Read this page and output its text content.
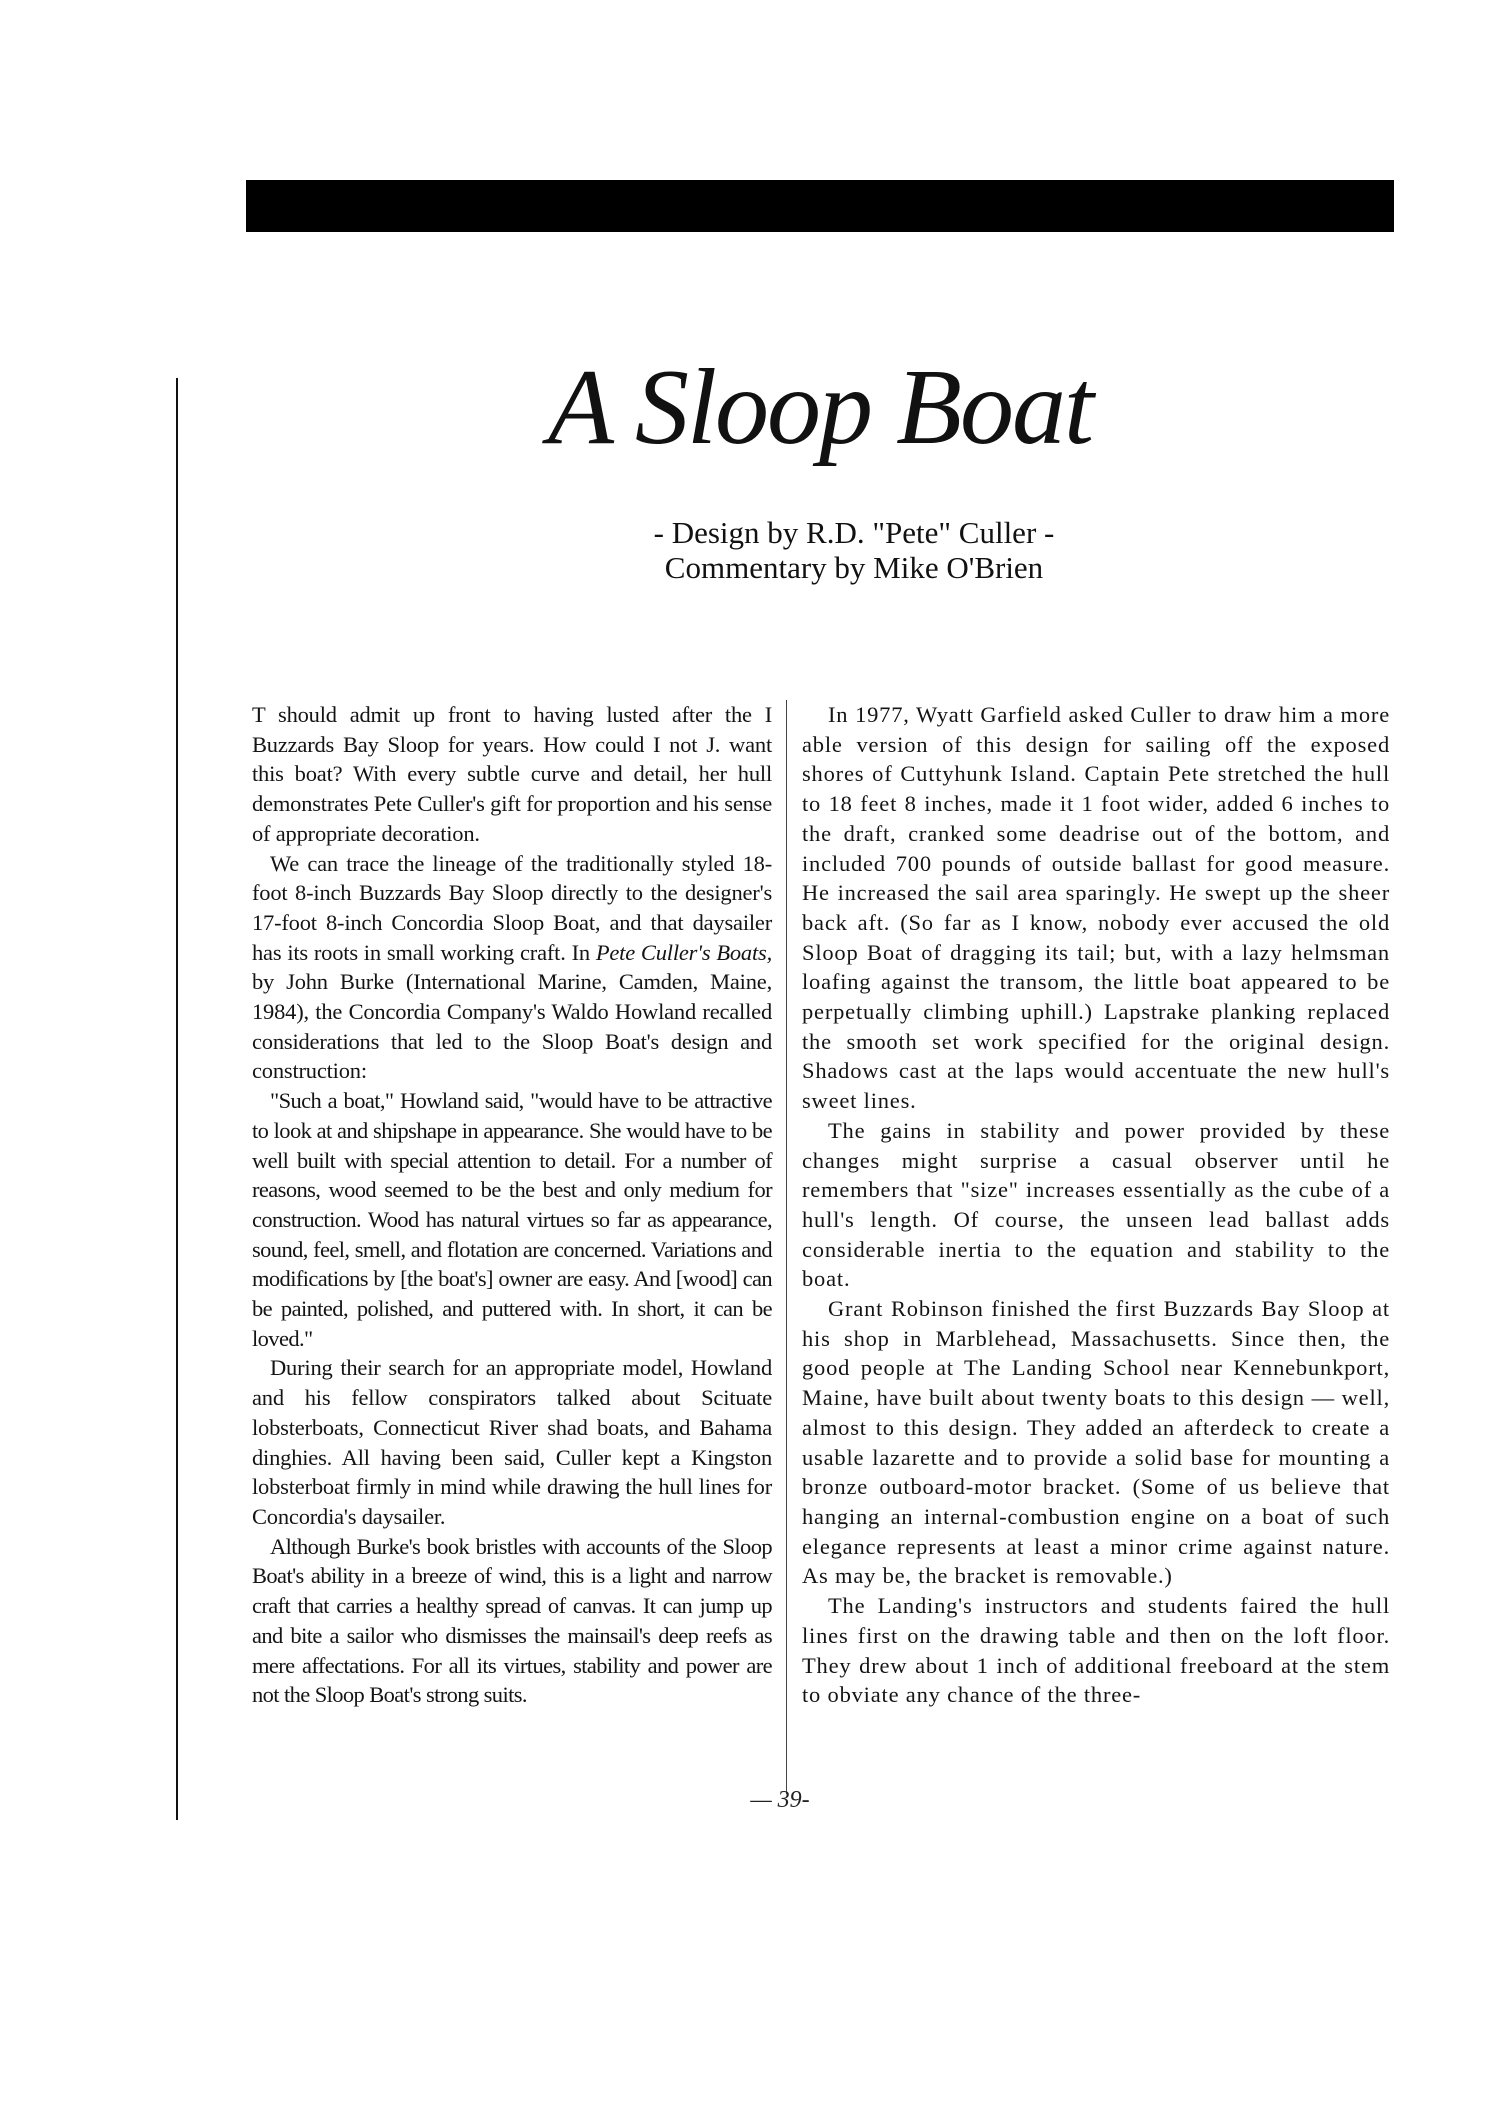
XIII
A Sloop Boat
- Design by R.D. "Pete" Culler -
Commentary by Mike O'Brien

T should admit up front to having lusted after the I Buzzards Bay Sloop for years. How could I not J. want this boat? With every subtle curve and detail, her hull demonstrates Pete Culler's gift for proportion and his sense of appropriate decoration.

We can trace the lineage of the traditionally styled 18-foot 8-inch Buzzards Bay Sloop directly to the designer's 17-foot 8-inch Concordia Sloop Boat, and that daysailer has its roots in small working craft. In Pete Culler's Boats, by John Burke (International Marine, Camden, Maine, 1984), the Concordia Company's Waldo Howland recalled considerations that led to the Sloop Boat's design and construction:

"Such a boat," Howland said, "would have to be attractive to look at and shipshape in appearance. She would have to be well built with special attention to detail. For a number of reasons, wood seemed to be the best and only medium for construction. Wood has natural virtues so far as appearance, sound, feel, smell, and flotation are concerned. Variations and modifications by [the boat's] owner are easy. And [wood] can be painted, polished, and puttered with. In short, it can be loved."

During their search for an appropriate model, Howland and his fellow conspirators talked about Scituate lobsterboats, Connecticut River shad boats, and Bahama dinghies. All having been said, Culler kept a Kingston lobsterboat firmly in mind while drawing the hull lines for Concordia's daysailer.

Although Burke's book bristles with accounts of the Sloop Boat's ability in a breeze of wind, this is a light and narrow craft that carries a healthy spread of canvas. It can jump up and bite a sailor who dismisses the mainsail's deep reefs as mere affectations. For all its virtues, stability and power are not the Sloop Boat's strong suits.

In 1977, Wyatt Garfield asked Culler to draw him a more able version of this design for sailing off the exposed shores of Cuttyhunk Island. Captain Pete stretched the hull to 18 feet 8 inches, made it 1 foot wider, added 6 inches to the draft, cranked some deadrise out of the bottom, and included 700 pounds of outside ballast for good measure. He increased the sail area sparingly. He swept up the sheer back aft. (So far as I know, nobody ever accused the old Sloop Boat of dragging its tail; but, with a lazy helmsman loafing against the transom, the little boat appeared to be perpetually climbing uphill.) Lapstrake planking replaced the smooth set work specified for the original design. Shadows cast at the laps would accentuate the new hull's sweet lines.

The gains in stability and power provided by these changes might surprise a casual observer until he remembers that "size" increases essentially as the cube of a hull's length. Of course, the unseen lead ballast adds considerable inertia to the equation and stability to the boat.

Grant Robinson finished the first Buzzards Bay Sloop at his shop in Marblehead, Massachusetts. Since then, the good people at The Landing School near Kennebunkport, Maine, have built about twenty boats to this design — well, almost to this design. They added an afterdeck to create a usable lazarette and to provide a solid base for mounting a bronze outboard-motor bracket. (Some of us believe that hanging an internal-combustion engine on a boat of such elegance represents at least a minor crime against nature. As may be, the bracket is removable.)

The Landing's instructors and students faired the hull lines first on the drawing table and then on the loft floor. They drew about 1 inch of additional freeboard at the stem to obviate any chance of the three-

— 39-
